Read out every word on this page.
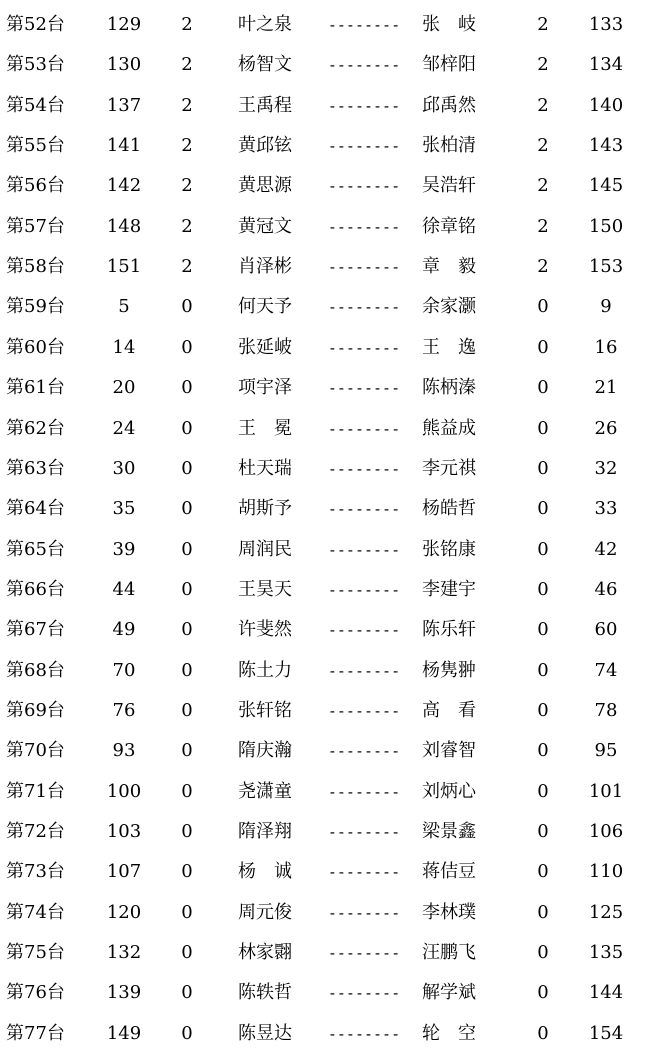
第52台	129	2	叶之泉	--------	张　岐	2	133
第53台	130	2	杨智文	--------	邹梓阳	2	134
第54台	137	2	王禹程	--------	邱禹然	2	140
第55台	141	2	黄邱铉	--------	张柏清	2	143
第56台	142	2	黄思源	--------	吴浩轩	2	145
第57台	148	2	黄冠文	--------	徐章铭	2	150
第58台	151	2	肖泽彬	--------	章　毅	2	153
第59台	5	0	何天予	--------	余家灏	0	9
第60台	14	0	张延岥	--------	王　逸	0	16
第61台	20	0	项宇泽	--------	陈柄溱	0	21
第62台	24	0	王　冕	--------	熊益成	0	26
第63台	30	0	杜天瑞	--------	李元祺	0	32
第64台	35	0	胡斯予	--------	杨皓哲	0	33
第65台	39	0	周润民	--------	张铭康	0	42
第66台	44	0	王昊天	--------	李建宇	0	46
第67台	49	0	许斐然	--------	陈乐轩	0	60
第68台	70	0	陈土力	--------	杨隽翀	0	74
第69台	76	0	张轩铭	--------	高　看	0	78
第70台	93	0	隋庆瀚	--------	刘睿智	0	95
第71台	100	0	尧潇童	--------	刘炳心	0	101
第72台	103	0	隋泽翔	--------	梁景鑫	0	106
第73台	107	0	杨　诚	--------	蒋佶豆	0	110
第74台	120	0	周元俊	--------	李林璞	0	125
第75台	132	0	林家翾	--------	汪鹏飞	0	135
第76台	139	0	陈轶哲	--------	解学斌	0	144
第77台	149	0	陈昱达	--------	轮　空	0	154
